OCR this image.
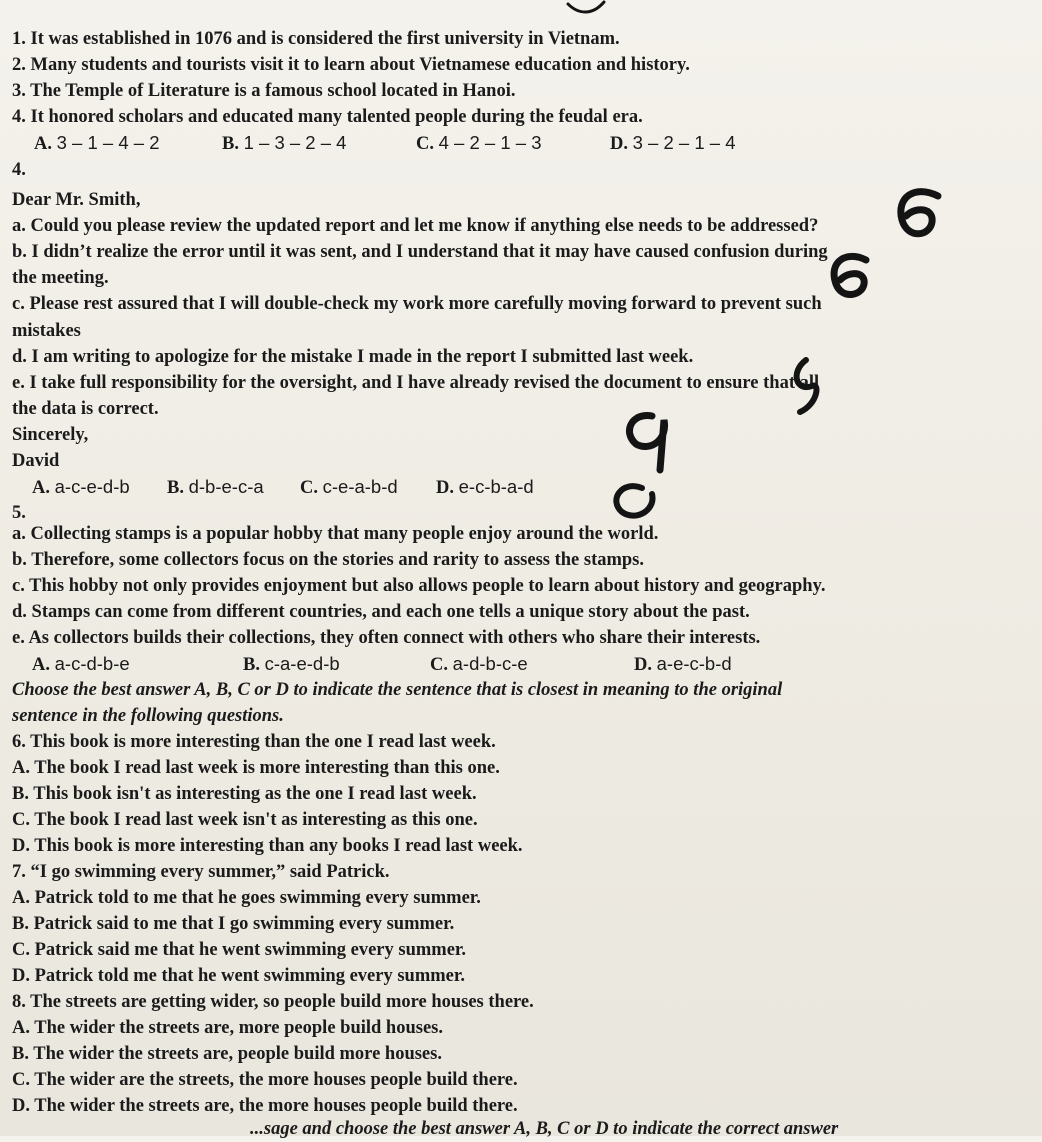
1. It was established in 1076 and is considered the first university in Vietnam.
2. Many students and tourists visit it to learn about Vietnamese education and history.
3. The Temple of Literature is a famous school located in Hanoi.
4. It honored scholars and educated many talented people during the feudal era.
A. 3 – 1 – 4 – 2	B. 1 – 3 – 2 – 4	C. 4 – 2 – 1 – 3	D. 3 – 2 – 1 – 4
4.
Dear Mr. Smith,
a. Could you please review the updated report and let me know if anything else needs to be addressed?
b. I didn’t realize the error until it was sent, and I understand that it may have caused confusion during
the meeting.
c. Please rest assured that I will double-check my work more carefully moving forward to prevent such
mistakes
d. I am writing to apologize for the mistake I made in the report I submitted last week.
e. I take full responsibility for the oversight, and I have already revised the document to ensure that all
the data is correct.
Sincerely,
David
A. a-c-e-d-b	B. d-b-e-c-a	C. c-e-a-b-d	D. e-c-b-a-d
5.
a. Collecting stamps is a popular hobby that many people enjoy around the world.
b. Therefore, some collectors focus on the stories and rarity to assess the stamps.
c. This hobby not only provides enjoyment but also allows people to learn about history and geography.
d. Stamps can come from different countries, and each one tells a unique story about the past.
e. As collectors builds their collections, they often connect with others who share their interests.
A. a-c-d-b-e	B. c-a-e-d-b	C. a-d-b-c-e	D. a-e-c-b-d
Choose the best answer A, B, C or D to indicate the sentence that is closest in meaning to the original
sentence in the following questions.
6. This book is more interesting than the one I read last week.
A. The book I read last week is more interesting than this one.
B. This book isn't as interesting as the one I read last week.
C. The book I read last week isn't as interesting as this one.
D. This book is more interesting than any books I read last week.
7. “I go swimming every summer,” said Patrick.
A. Patrick told to me that he goes swimming every summer.
B. Patrick said to me that I go swimming every summer.
C. Patrick said me that he went swimming every summer.
D. Patrick told me that he went swimming every summer.
8. The streets are getting wider, so people build more houses there.
A. The wider the streets are, more people build houses.
B. The wider the streets are, people build more houses.
C. The wider are the streets, the more houses people build there.
D. The wider the streets are, the more houses people build there.
...sage and choose the best answer A, B, C or D to indicate the correct answer
